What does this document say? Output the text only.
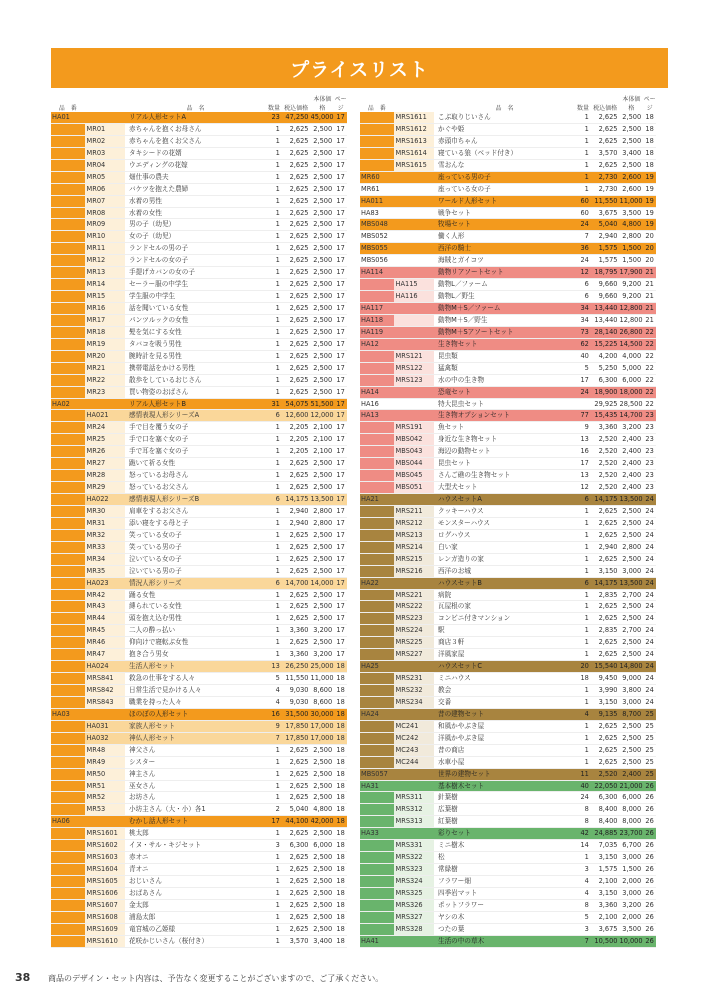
プライスリスト
品　番	品　名	数量 税込価格
本体価格
ページ
HA01	リアル人形セットA	23 47,250 45,000 17
MR01	赤ちゃんを抱くお母さん	1	2,625 2,500 17
MR02	赤ちゃんを抱くお父さん	1	2,625 2,500 17
MR03	タキシードの花婿	1	2,625 2,500 17
MR04	ウエディングの花嫁	1	2,625 2,500 17
MR05	畑仕事の農夫	1	2,625 2,500 17
MR06	バケツを抱えた農婦	1	2,625 2,500 17
MR07	水着の男性	1	2,625 2,500 17
MR08	水着の女性	1	2,625 2,500 17
MR09	男の子（幼児）	1	2,625 2,500 17
MR10	女の子（幼児）	1	2,625 2,500 17
MR11	ランドセルの男の子	1	2,625 2,500 17
MR12	ランドセルの女の子	1	2,625 2,500 17
MR13	手提げカバンの女の子	1	2,625 2,500 17
MR14	セーラー服の中学生	1	2,625 2,500 17
MR15	学生服の中学生	1	2,625 2,500 17
MR16	話を聞いている女性	1	2,625 2,500 17
MR17	パンツルックの女性	1	2,625 2,500 17
MR18	髪を気にする女性	1	2,625 2,500 17
MR19	タバコを吸う男性	1	2,625 2,500 17
MR20	腕時計を見る男性	1	2,625 2,500 17
MR21	携帯電話をかける男性	1	2,625 2,500 17
MR22	散歩をしているおじさん	1	2,625 2,500 17
MR23	買い物姿のおばさん	1	2,625 2,500 17
HA02	リアル人形セットB	31 54,075 51,500 17
HA021	感情表現人形シリーズA	6 12,600 12,000 17
MR24	手で目を覆う女の子	1	2,205 2,100 17
MR25	手で口を塞ぐ女の子	1	2,205 2,100 17
MR26	手で耳を塞ぐ女の子	1	2,205 2,100 17
MR27	跪いて祈る女性	1	2,625 2,500 17
MR28	怒っているお母さん	1	2,625 2,500 17
MR29	怒っているお父さん	1	2,625 2,500 17
HA022	感情表現人形シリーズB	6 14,175 13,500 17
MR30	肩車をするお父さん	1	2,940 2,800 17
MR31	添い寝をする母と子	1	2,940 2,800 17
MR32	笑っている女の子	1	2,625 2,500 17
MR33	笑っている男の子	1	2,625 2,500 17
MR34	泣いている女の子	1	2,625 2,500 17
MR35	泣いている男の子	1	2,625 2,500 17
HA023	情況人形シリーズ	6 14,700 14,000 17
MR42	踊る女性	1	2,625 2,500 17
MR43	縛られている女性	1	2,625 2,500 17
MR44	頭を抱え込む男性	1	2,625 2,500 17
MR45	二人の酔っ払い	1	3,360 3,200 17
MR46	仰向けで寝転ぶ女性	1	2,625 2,500 17
MR47	抱き合う男女	1	3,360 3,200 17
HA024	生活人形セット	13 26,250 25,000 18
MRS841	救急の仕事をする人々	5 11,550 11,000 18
MRS842	日常生活で見かける人々	4	9,030 8,600 18
MRS843	職業を持った人々	4	9,030 8,600 18
HA03	ほのぼの人形セット	16 31,500 30,000 18
HA031	家族人形セット	9 17,850 17,000 18
HA032	神仏人形セット	7 17,850 17,000 18
MR48	神父さん	1	2,625 2,500 18
MR49	シスター	1	2,625 2,500 18
MR50	神主さん	1	2,625 2,500 18
MR51	巫女さん	1	2,625 2,500 18
MR52	お坊さん	1	2,625 2,500 18
MR53	小坊主さん（大・小）各1	2	5,040 4,800 18
HA06	むかし話人形セット	17 44,100 42,000 18
MRS1601	桃太郎	1	2,625 2,500 18
MRS1602	イヌ・サル・キジセット	3	6,300 6,000 18
MRS1603	赤オニ	1	2,625 2,500 18
MRS1604	青オニ	1	2,625 2,500 18
MRS1605	おじいさん	1	2,625 2,500 18
MRS1606	おばあさん	1	2,625 2,500 18
MRS1607	金太郎	1	2,625 2,500 18
MRS1608	浦島太郎	1	2,625 2,500 18
MRS1609	竜宮城の乙姫様	1	2,625 2,500 18
MRS1610	花咲かじいさん（桜付き）	1	3,570 3,400 18
品　番	品　名	数量 税込価格
本体価格
ページ
MRS1611	こぶ取りじいさん	1	2,625 2,500 18
MRS1612	かぐや姫	1	2,625 2,500 18
MRS1613	赤頭巾ちゃん	1	2,625 2,500 18
MRS1614	寝ている狼（ベッド付き）	1	3,570 3,400 18
MRS1615	雪おんな	1	2,625 2,500 18
MR60	座っている男の子	1	2,730 2,600 19
MR61	座っている女の子	1	2,730 2,600 19
HA011	ワールド人形セット	60 11,550 11,000 19
HA83	戦争セット	60	3,675 3,500 19
MBS048	牧場セット	24	5,040 4,800 19
MBS052	働く人形	7	2,940 2,800 20
MBS055	西洋の騎士	36	1,575 1,500 20
MBS056	海賊とガイコツ	24	1,575 1,500 20
HA114	動物リアソートセット	12 18,795 17,900 21
HA115	動物L／ファーム	6	9,660 9,200 21
HA116	動物L／野生	6	9,660 9,200 21
HA117	動物M＋S／ファーム	34 13,440 12,800 21
HA118	動物M＋S／野生	34 13,440 12,800 21
HA119	動物M＋Sアソートセット	73 28,140 26,800 22
HA12	生き物セット	62 15,225 14,500 22
MRS121	昆虫類	40	4,200 4,000 22
MRS122	猛禽類	5	5,250 5,000 22
MRS123	水の中の生き物	17	6,300 6,000 22
HA14	恐竜セット	24 18,900 18,000 22
HA16	特大昆虫セット	29,925 28,500 22
HA13	生き物オプションセット	77 15,435 14,700 23
MRS191	魚セット	9	3,360 3,200 23
MBS042	身近な生き物セット	13	2,520 2,400 23
MBS043	海辺の動物セット	16	2,520 2,400 23
MBS044	昆虫セット	17	2,520 2,400 23
MBS045	さんご礁の生き物セット	13	2,520 2,400 23
MBS051	大型犬セット	12	2,520 2,400 23
HA21	ハウスセットA	6 14,175 13,500 24
MRS211	クッキーハウス	1	2,625 2,500 24
MRS212	モンスターハウス	1	2,625 2,500 24
MRS213	ログハウス	1	2,625 2,500 24
MRS214	白い家	1	2,940 2,800 24
MRS215	レンガ造りの家	1	2,625 2,500 24
MRS216	西洋のお城	1	3,150 3,000 24
HA22	ハウスセットB	6 14,175 13,500 24
MRS221	病院	1	2,835 2,700 24
MRS222	瓦屋根の家	1	2,625 2,500 24
MRS223	コンビニ付きマンション	1	2,625 2,500 24
MRS224	駅	1	2,835 2,700 24
MRS225	商店３軒	1	2,625 2,500 24
MRS227	洋風家屋	1	2,625 2,500 24
HA25	ハウスセットC	20 15,540 14,800 24
MRS231	ミニハウス	18	9,450 9,000 24
MRS232	教会	1	3,990 3,800 24
MRS234	交番	1	3,150 3,000 24
HA24	昔の建物セット	4	9,135 8,700 25
MC241	和風かやぶき屋	1	2,625 2,500 25
MC242	洋風かやぶき屋	1	2,625 2,500 25
MC243	昔の商店	1	2,625 2,500 25
MC244	水車小屋	1	2,625 2,500 25
MBS057	世界の建物セット	11	2,520 2,400 25
HA31	基本樹木セット	40 22,050 21,000 26
MRS311	針葉樹	24	6,300 6,000 26
MRS312	広葉樹	8	8,400 8,000 26
MRS313	紅葉樹	8	8,400 8,000 26
HA33	彩りセット	42 24,885 23,700 26
MRS331	ミニ樹木	14	7,035 6,700 26
MRS322	松	1	3,150 3,000 26
MRS323	常緑樹	3	1,575 1,500 26
MRS324	フラワー畑	4	2,100 2,000 26
MRS325	四季岩マット	4	3,150 3,000 26
MRS326	ポットフラワー	8	3,360 3,200 26
MRS327	ヤシの木	5	2,100 2,000 26
MRS328	つたの葉	3	3,675 3,500 26
HA41	生活の中の草木	7 10,500 10,000 26
38 商品のデザイン・セット内容は、予告なく変更することがございますので、ご了承ください。
